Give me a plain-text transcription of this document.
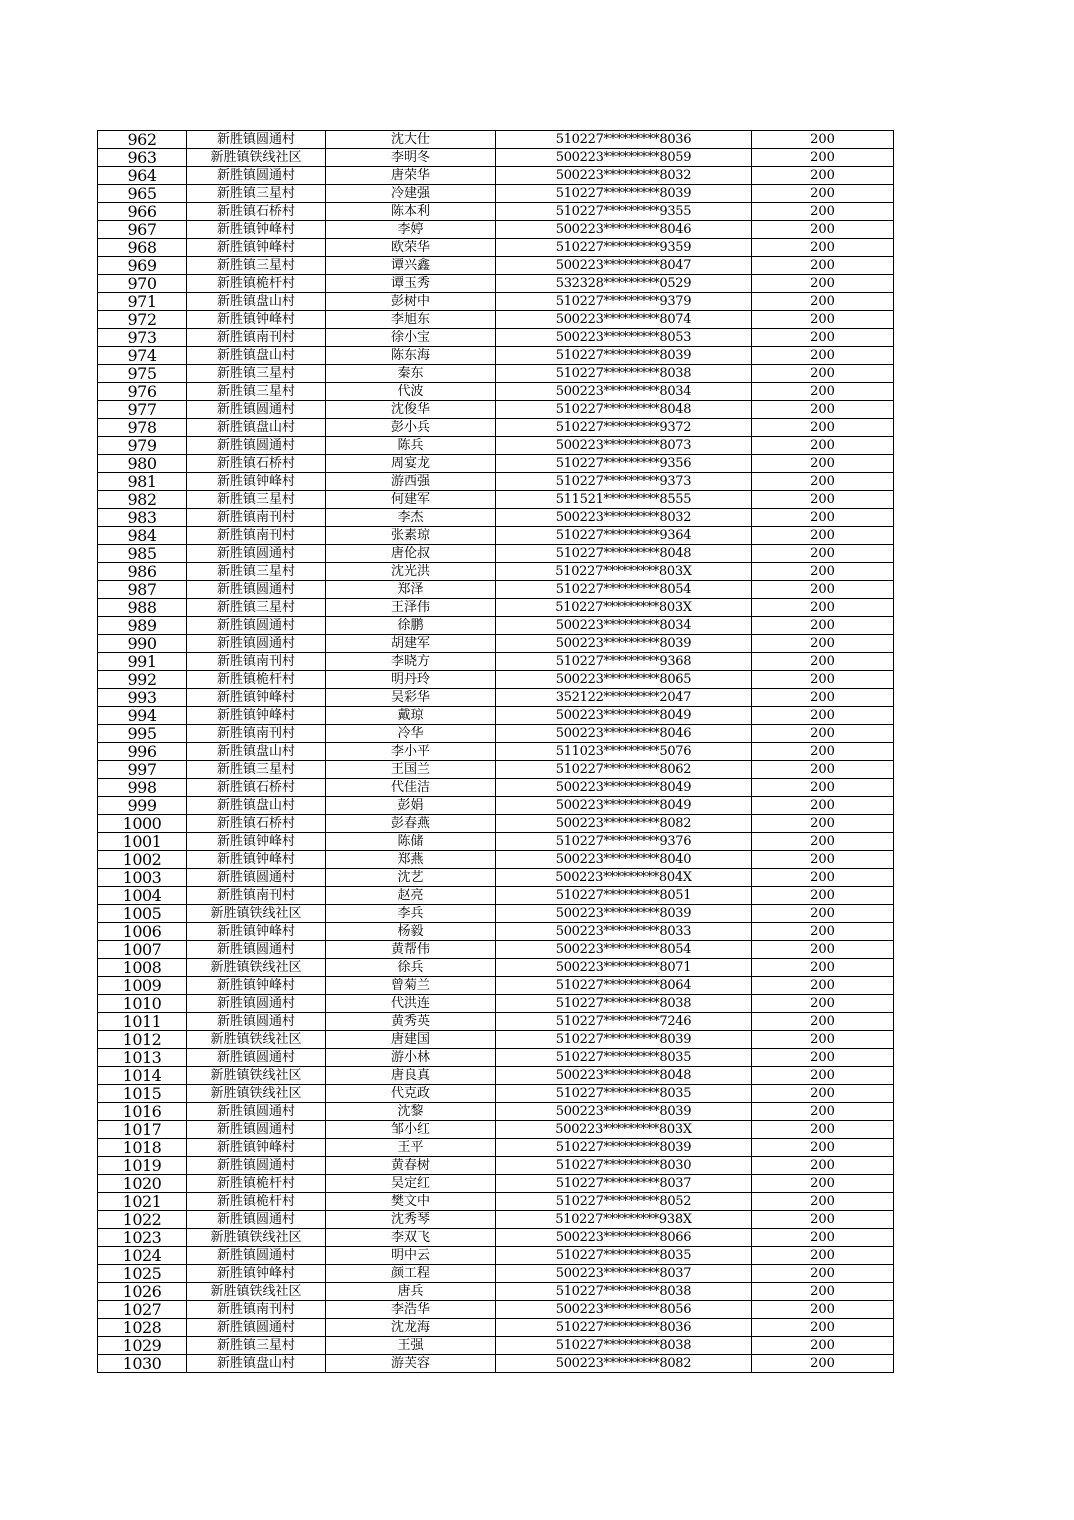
962	新胜镇圆通村	沈大仕	510227*********8036	200
963	新胜镇铁线社区	李明冬	500223*********8059	200
964	新胜镇圆通村	唐荣华	500223*********8032	200
965	新胜镇三星村	冷建强	510227*********8039	200
966	新胜镇石桥村	陈本利	510227*********9355	200
967	新胜镇钟峰村	李婷	500223*********8046	200
968	新胜镇钟峰村	欧荣华	510227*********9359	200
969	新胜镇三星村	谭兴鑫	500223*********8047	200
970	新胜镇桅杆村	谭玉秀	532328*********0529	200
971	新胜镇盘山村	彭树中	510227*********9379	200
972	新胜镇钟峰村	李旭东	500223*********8074	200
973	新胜镇南刊村	徐小宝	500223*********8053	200
974	新胜镇盘山村	陈东海	510227*********8039	200
975	新胜镇三星村	秦东	510227*********8038	200
976	新胜镇三星村	代波	500223*********8034	200
977	新胜镇圆通村	沈俊华	510227*********8048	200
978	新胜镇盘山村	彭小兵	510227*********9372	200
979	新胜镇圆通村	陈兵	500223*********8073	200
980	新胜镇石桥村	周宴龙	510227*********9356	200
981	新胜镇钟峰村	游西强	510227*********9373	200
982	新胜镇三星村	何建军	511521*********8555	200
983	新胜镇南刊村	李杰	500223*********8032	200
984	新胜镇南刊村	张素琼	510227*********9364	200
985	新胜镇圆通村	唐伦叔	510227*********8048	200
986	新胜镇三星村	沈光洪	510227*********803X	200
987	新胜镇圆通村	郑泽	510227*********8054	200
988	新胜镇三星村	王泽伟	510227*********803X	200
989	新胜镇圆通村	徐鹏	500223*********8034	200
990	新胜镇圆通村	胡建军	500223*********8039	200
991	新胜镇南刊村	李晓方	510227*********9368	200
992	新胜镇桅杆村	明丹玲	500223*********8065	200
993	新胜镇钟峰村	吴彩华	352122*********2047	200
994	新胜镇钟峰村	戴琼	500223*********8049	200
995	新胜镇南刊村	冷华	500223*********8046	200
996	新胜镇盘山村	李小平	511023*********5076	200
997	新胜镇三星村	王国兰	510227*********8062	200
998	新胜镇石桥村	代佳洁	500223*********8049	200
999	新胜镇盘山村	彭娟	500223*********8049	200
1000	新胜镇石桥村	彭春燕	500223*********8082	200
1001	新胜镇钟峰村	陈储	510227*********9376	200
1002	新胜镇钟峰村	郑燕	500223*********8040	200
1003	新胜镇圆通村	沈艺	500223*********804X	200
1004	新胜镇南刊村	赵亮	510227*********8051	200
1005	新胜镇铁线社区	李兵	500223*********8039	200
1006	新胜镇钟峰村	杨毅	500223*********8033	200
1007	新胜镇圆通村	黄帮伟	500223*********8054	200
1008	新胜镇铁线社区	徐兵	500223*********8071	200
1009	新胜镇钟峰村	曾菊兰	510227*********8064	200
1010	新胜镇圆通村	代洪连	510227*********8038	200
1011	新胜镇圆通村	黄秀英	510227*********7246	200
1012	新胜镇铁线社区	唐建国	510227*********8039	200
1013	新胜镇圆通村	游小林	510227*********8035	200
1014	新胜镇铁线社区	唐良真	500223*********8048	200
1015	新胜镇铁线社区	代克政	510227*********8035	200
1016	新胜镇圆通村	沈黎	500223*********8039	200
1017	新胜镇圆通村	邹小红	500223*********803X	200
1018	新胜镇钟峰村	王平	510227*********8039	200
1019	新胜镇圆通村	黄春树	510227*********8030	200
1020	新胜镇桅杆村	吴定红	510227*********8037	200
1021	新胜镇桅杆村	樊文中	510227*********8052	200
1022	新胜镇圆通村	沈秀琴	510227*********938X	200
1023	新胜镇铁线社区	李双飞	500223*********8066	200
1024	新胜镇圆通村	明中云	510227*********8035	200
1025	新胜镇钟峰村	颜工程	500223*********8037	200
1026	新胜镇铁线社区	唐兵	510227*********8038	200
1027	新胜镇南刊村	李浩华	500223*********8056	200
1028	新胜镇圆通村	沈龙海	510227*********8036	200
1029	新胜镇三星村	王强	510227*********8038	200
1030	新胜镇盘山村	游芙容	500223*********8082	200
